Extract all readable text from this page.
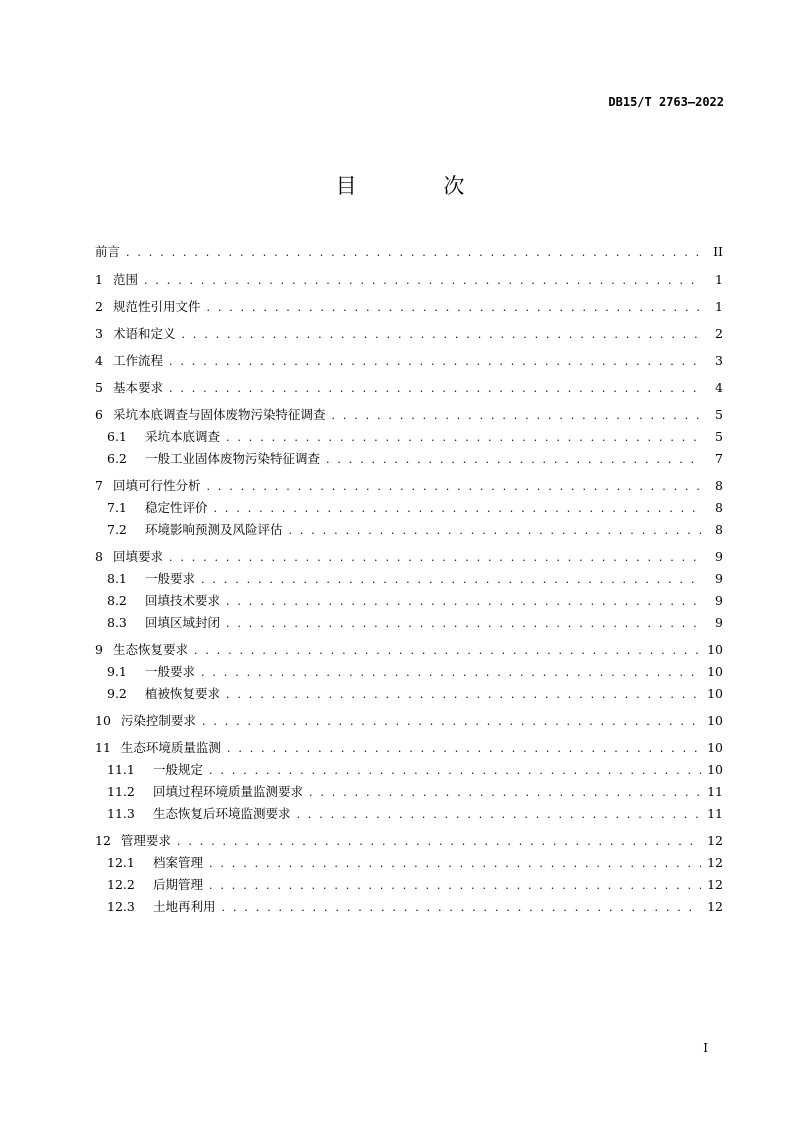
DB15/T 2763—2022
目 次
前言 . . .	II
1 范围 . . .	1
2 规范性引用文件 . . .	1
3 术语和定义 . . .	2
4 工作流程 . . .	3
5 基本要求 . . .	4
6 采坑本底调查与固体废物污染特征调查 . . .	5
6.1	采坑本底调查 . . .	5
6.2	一般工业固体废物污染特征调查 . . .	7
7 回填可行性分析 . . .	8
7.1	稳定性评价 . . .	8
7.2	环境影响预测及风险评估 . . .	8
8 回填要求 . . .	9
8.1	一般要求 . . .	9
8.2	回填技术要求 . . .	9
8.3	回填区域封闭 . . .	9
9 生态恢复要求 . . .	10
9.1	一般要求 . . .	10
9.2	植被恢复要求 . . .	10
10 污染控制要求 . . .	10
11 生态环境质量监测 . . .	10
11.1	一般规定 . . .	10
11.2	回填过程环境质量监测要求 . . .	11
11.3	生态恢复后环境监测要求 . . .	11
12 管理要求 . . .	12
12.1	档案管理 . . .	12
12.2	后期管理 . . .	12
12.3	土地再利用 . . .	12
I
